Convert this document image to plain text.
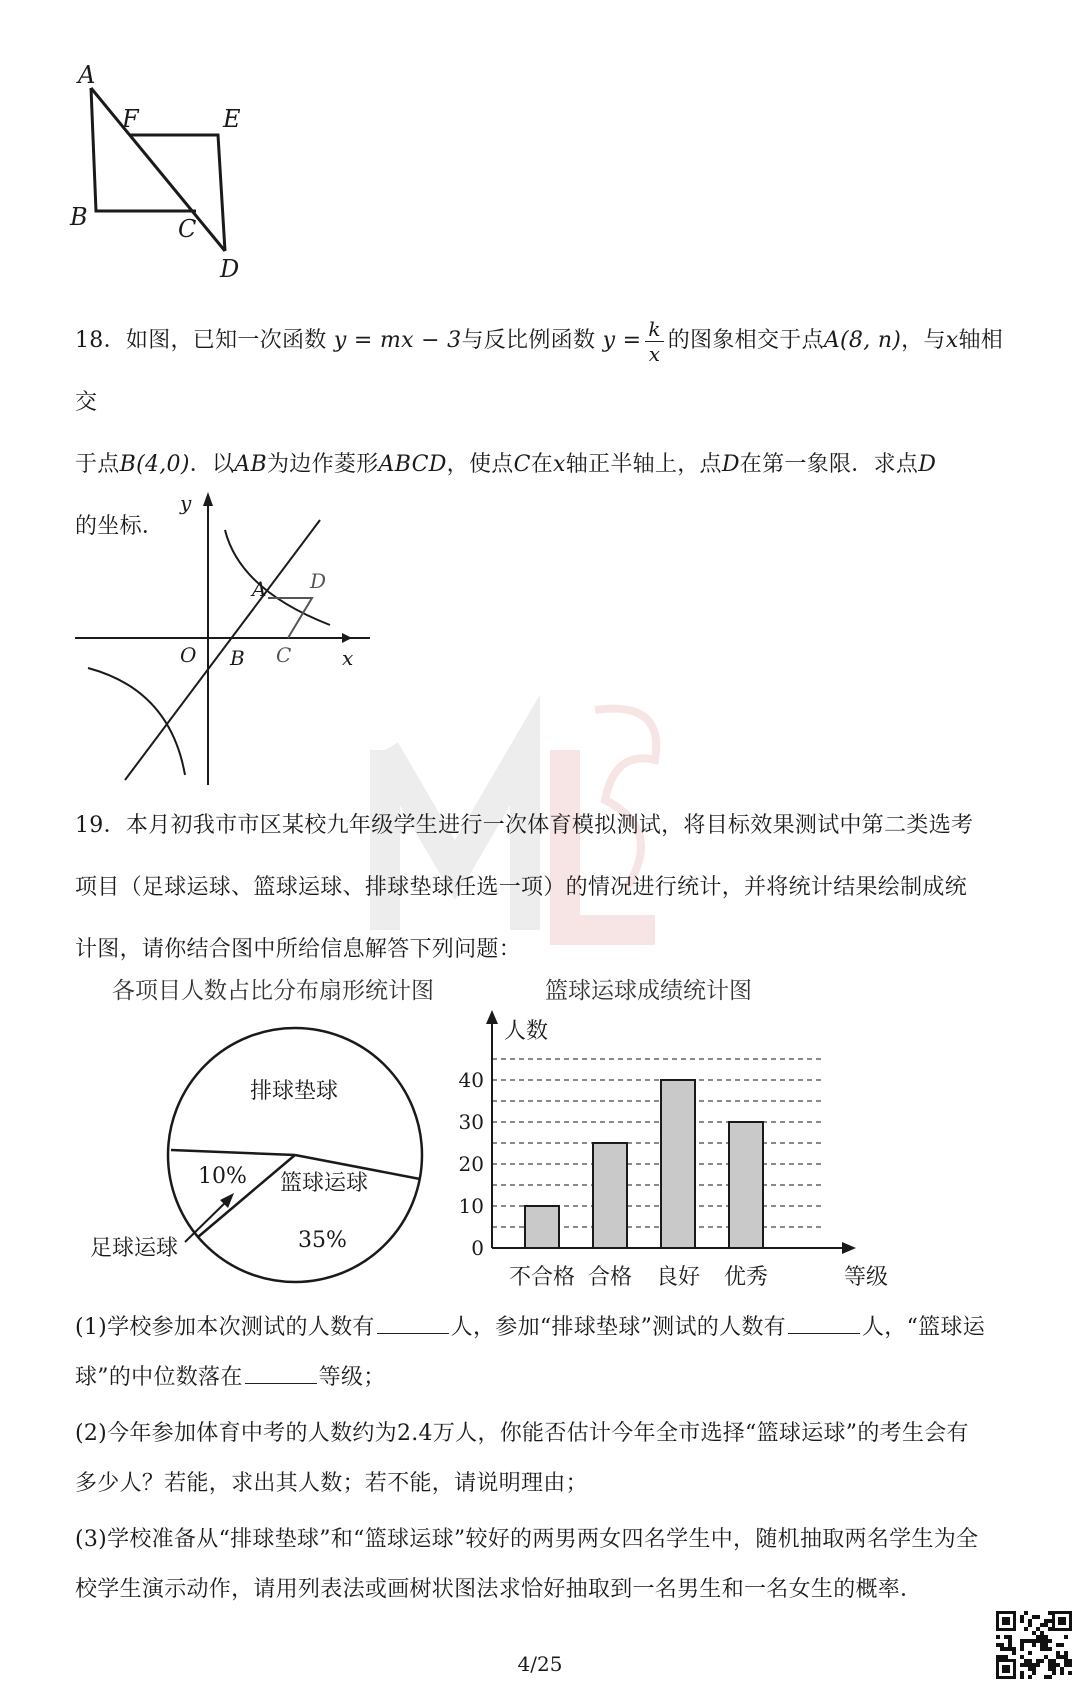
A
F	E
B	C
D
18．如图，已知一次函数 y = mx − 3与反比例函数 $y = \frac{k}{x}$ 的图象相交于点A(8, n)，与x轴相交
于点B(4,0)．以AB为边作菱形ABCD，使点C在x轴正半轴上，点D在第一象限．求点D
的坐标．
y
x
O
A
B C
D
19．本月初我市市区某校九年级学生进行一次体育模拟测试，将目标效果测试中第二类选考
项目（足球运球、篮球运球、排球垫球任选一项）的情况进行统计，并将统计结果绘制成统
计图，请你结合图中所给信息解答下列问题：
各项目人数占比分布扇形统计图	篮球运球成绩统计图
排球垫球
篮球运球
35%
10%
足球运球	0
10
20
30
40
人数
等级
不合格 合格 良好 优秀
(1)学校参加本次测试的人数有	人，参加“排球垫球”测试的人数有	人，“篮球运
球”的中位数落在	等级；
(2)今年参加体育中考的人数约为2.4万人，你能否估计今年全市选择“篮球运球”的考生会有
多少人？若能，求出其人数；若不能，请说明理由；
(3)学校准备从“排球垫球”和“篮球运球”较好的两男两女四名学生中，随机抽取两名学生为全
校学生演示动作，请用列表法或画树状图法求恰好抽取到一名男生和一名女生的概率．
4/25
